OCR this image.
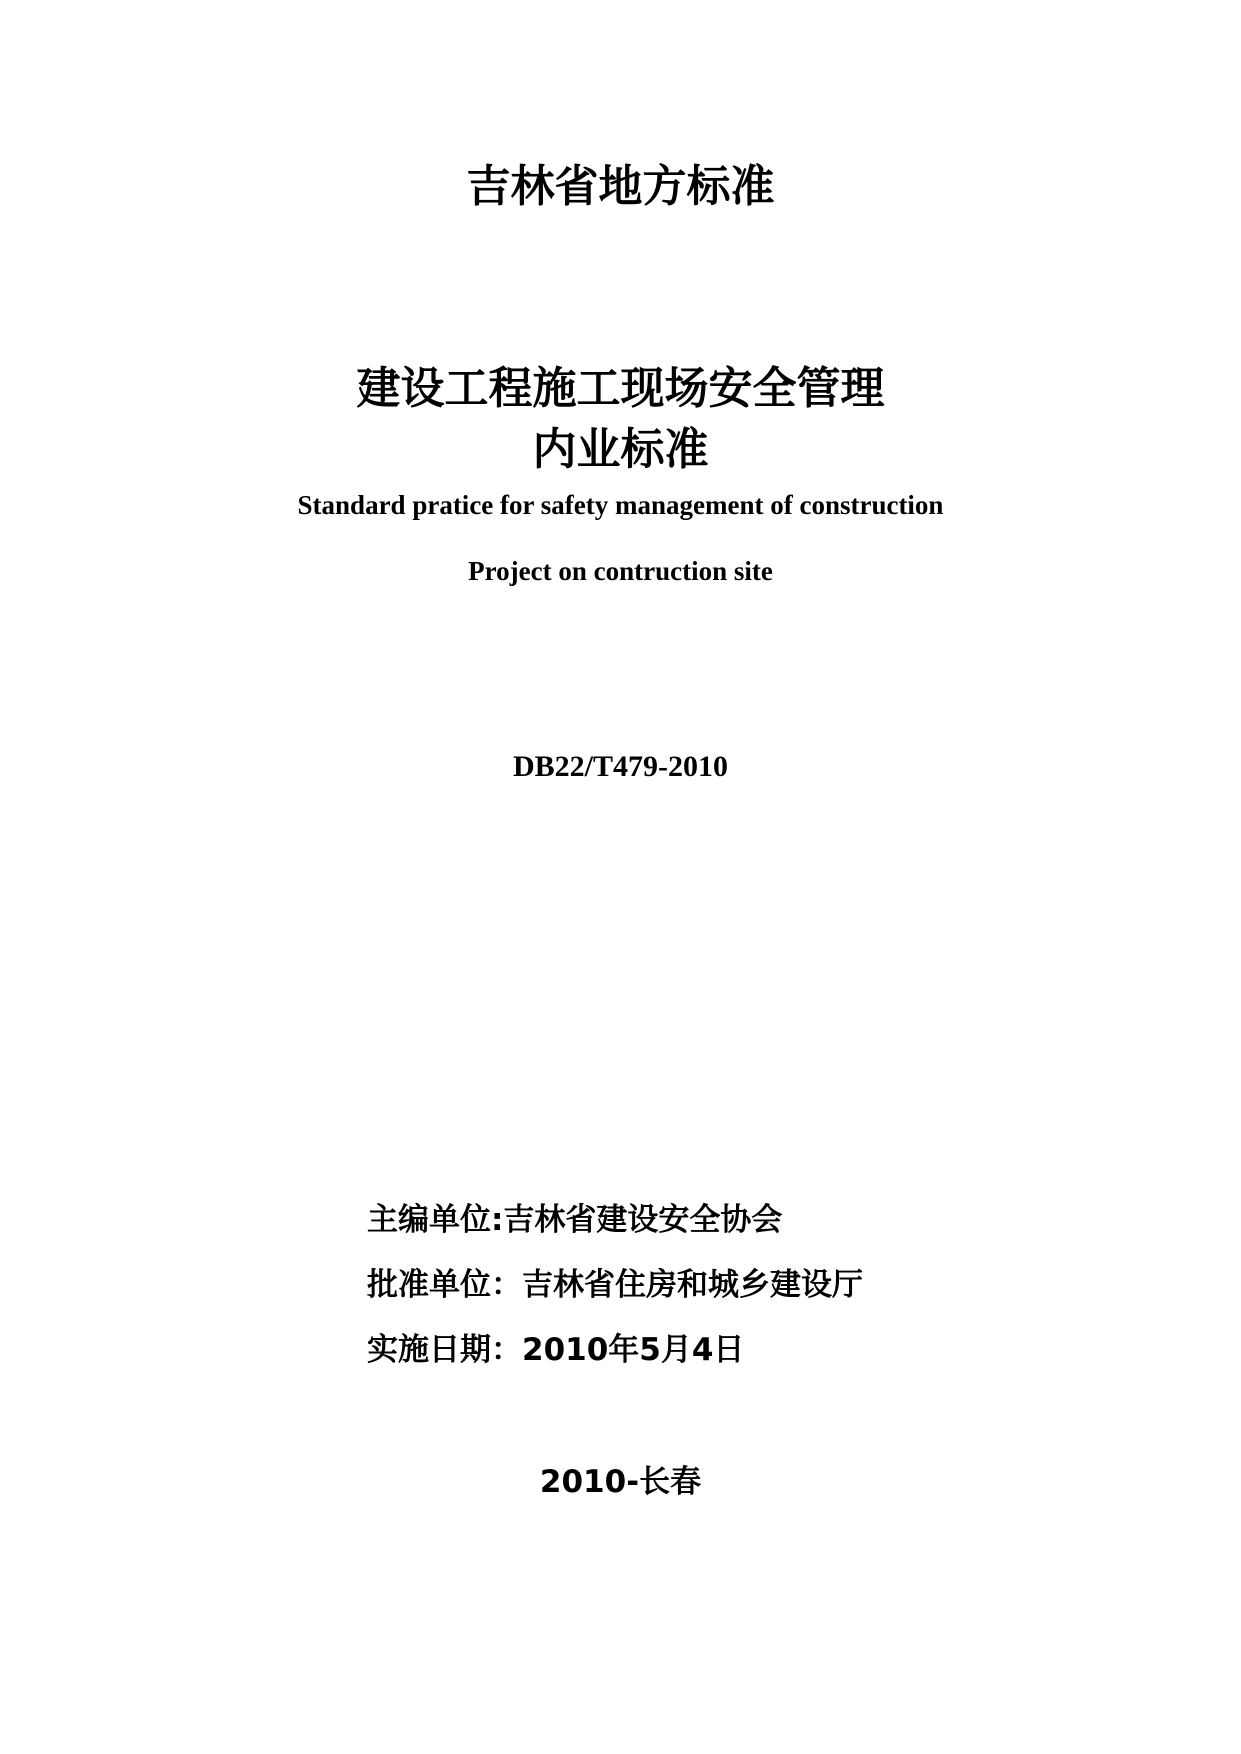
吉林省地方标准
建设工程施工现场安全管理
内业标准
Standard pratice for safety management of construction
Project on contruction site
DB22/T479-2010
主编单位:吉林省建设安全协会
批准单位：吉林省住房和城乡建设厅
实施日期：2010年5月4日
2010-长春
